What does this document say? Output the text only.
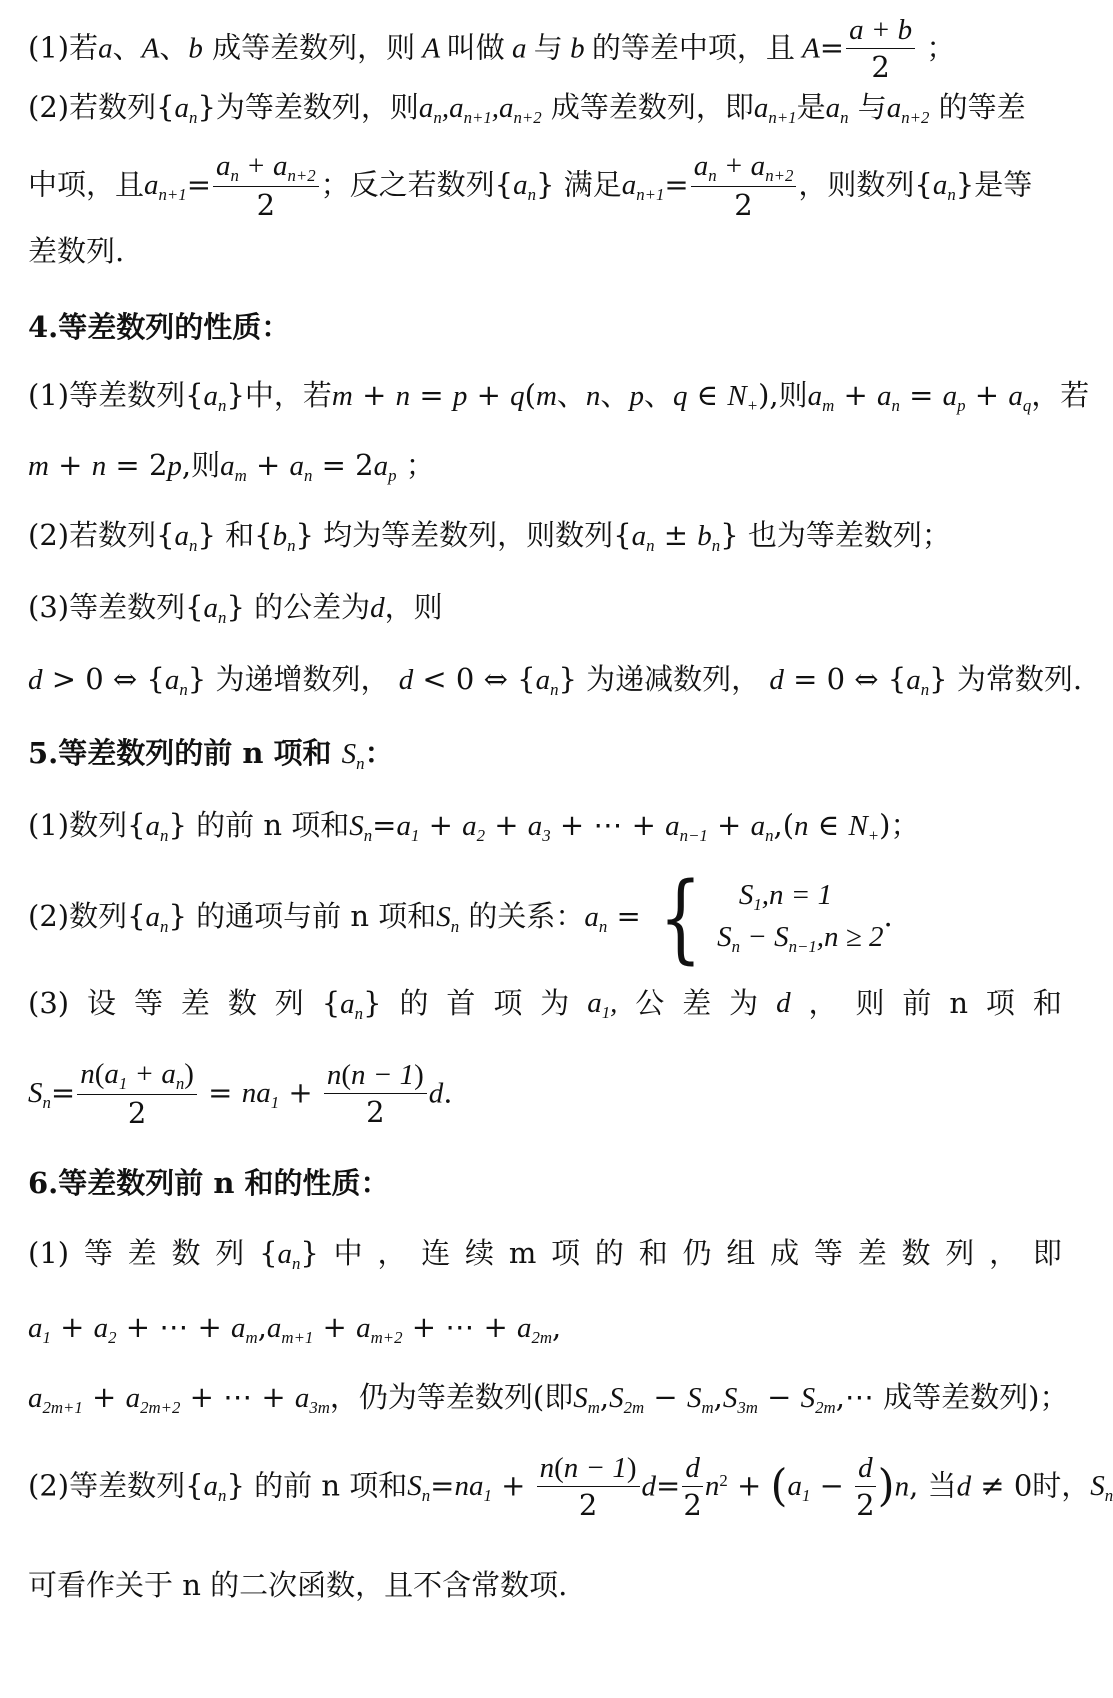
(1)若a、A、b 成等差数列，则 A 叫做 a 与 b 的等差中项，且 $A= \frac{a + b}{2}$ ；
(2)若数列$\{a_n\}$为等差数列，则$a_n,a_{n+1},a_{n+2}$ 成等差数列，即$a_{n+1}$是$a_n$ 与$a_{n+2}$ 的等差
中项，且$a_{n+1}= \frac{a_n + a_{n+2}}{2}$ ；反之若数列$\{a_n\}$ 满足$a_{n+1}= \frac{a_n + a_{n+2}}{2}$ ，则数列$\{a_n\}$是等
差数列.
4.等差数列的性质：
(1)等差数列$\{a_n\}$中，若m + n = p + q(m、n、p、q ∈ $N_+$),则$a_m + a_n = a_p + a_q$，若
m + n = 2p,则$a_m + a_n = 2a_p$ ；
(2)若数列$\{a_n\}$ 和$\{b_n\}$ 均为等差数列，则数列$\{a_n \pm b_n\}$ 也为等差数列；
(3)等差数列$\{a_n\}$ 的公差为d，则
d > 0 ⇔ $\{a_n\}$ 为递增数列， d < 0 ⇔ $\{a_n\}$ 为递减数列， d = 0 ⇔ $\{a_n\}$ 为常数列.
5.等差数列的前 n 项和 $S_n$：
(1)数列$\{a_n\}$ 的前 n 项和$S_n=a_1 + a_2 + a_3$ + ⋯ + $a_{n-1} + a_n,(n$ ∈ $N_+$)；
(2)数列$\{a_n\}$ 的通项与前 n 项和$S_n$ 的关系：$a_n$ = { $S_1,n = 1$
$S_n - S_{n-1},n \ge 2$
.
(3) 设 等 差 数 列 $\{a_n\}$ 的 首 项 为 $a_1$, 公 差 为 d ， 则 前 n 项 和
$S_n= \frac{n(a_1 + a_n)}{2} = na_1 + \frac{n(n - 1)}{2} d$.
6.等差数列前 n 和的性质：
(1) 等 差 数 列 $\{a_n\}$ 中 ， 连 续 m 项 的 和 仍 组 成 等 差 数 列 ， 即
$a_1 + a_2$ + ⋯ + $a_m,a_{m+1} + a_{m+2}$ + ⋯ + $a_{2m}$,
$a_{2m+1} + a_{2m+2}$ + ⋯ + $a_{3m}$，仍为等差数列(即$S_m,S_{2m} - S_m,S_{3m}$ − $S_{2m},\cdots$ 成等差数列)；
(2)等差数列$\{a_n\}$ 的前 n 项和$S_n=na_1 + \frac{n(n - 1)}{2} d= \frac{d}{2} n^2 + (a_1 - \frac{d}{2} )n$, 当d ≠ 0时，$S_n$
可看作关于 n 的二次函数，且不含常数项.
